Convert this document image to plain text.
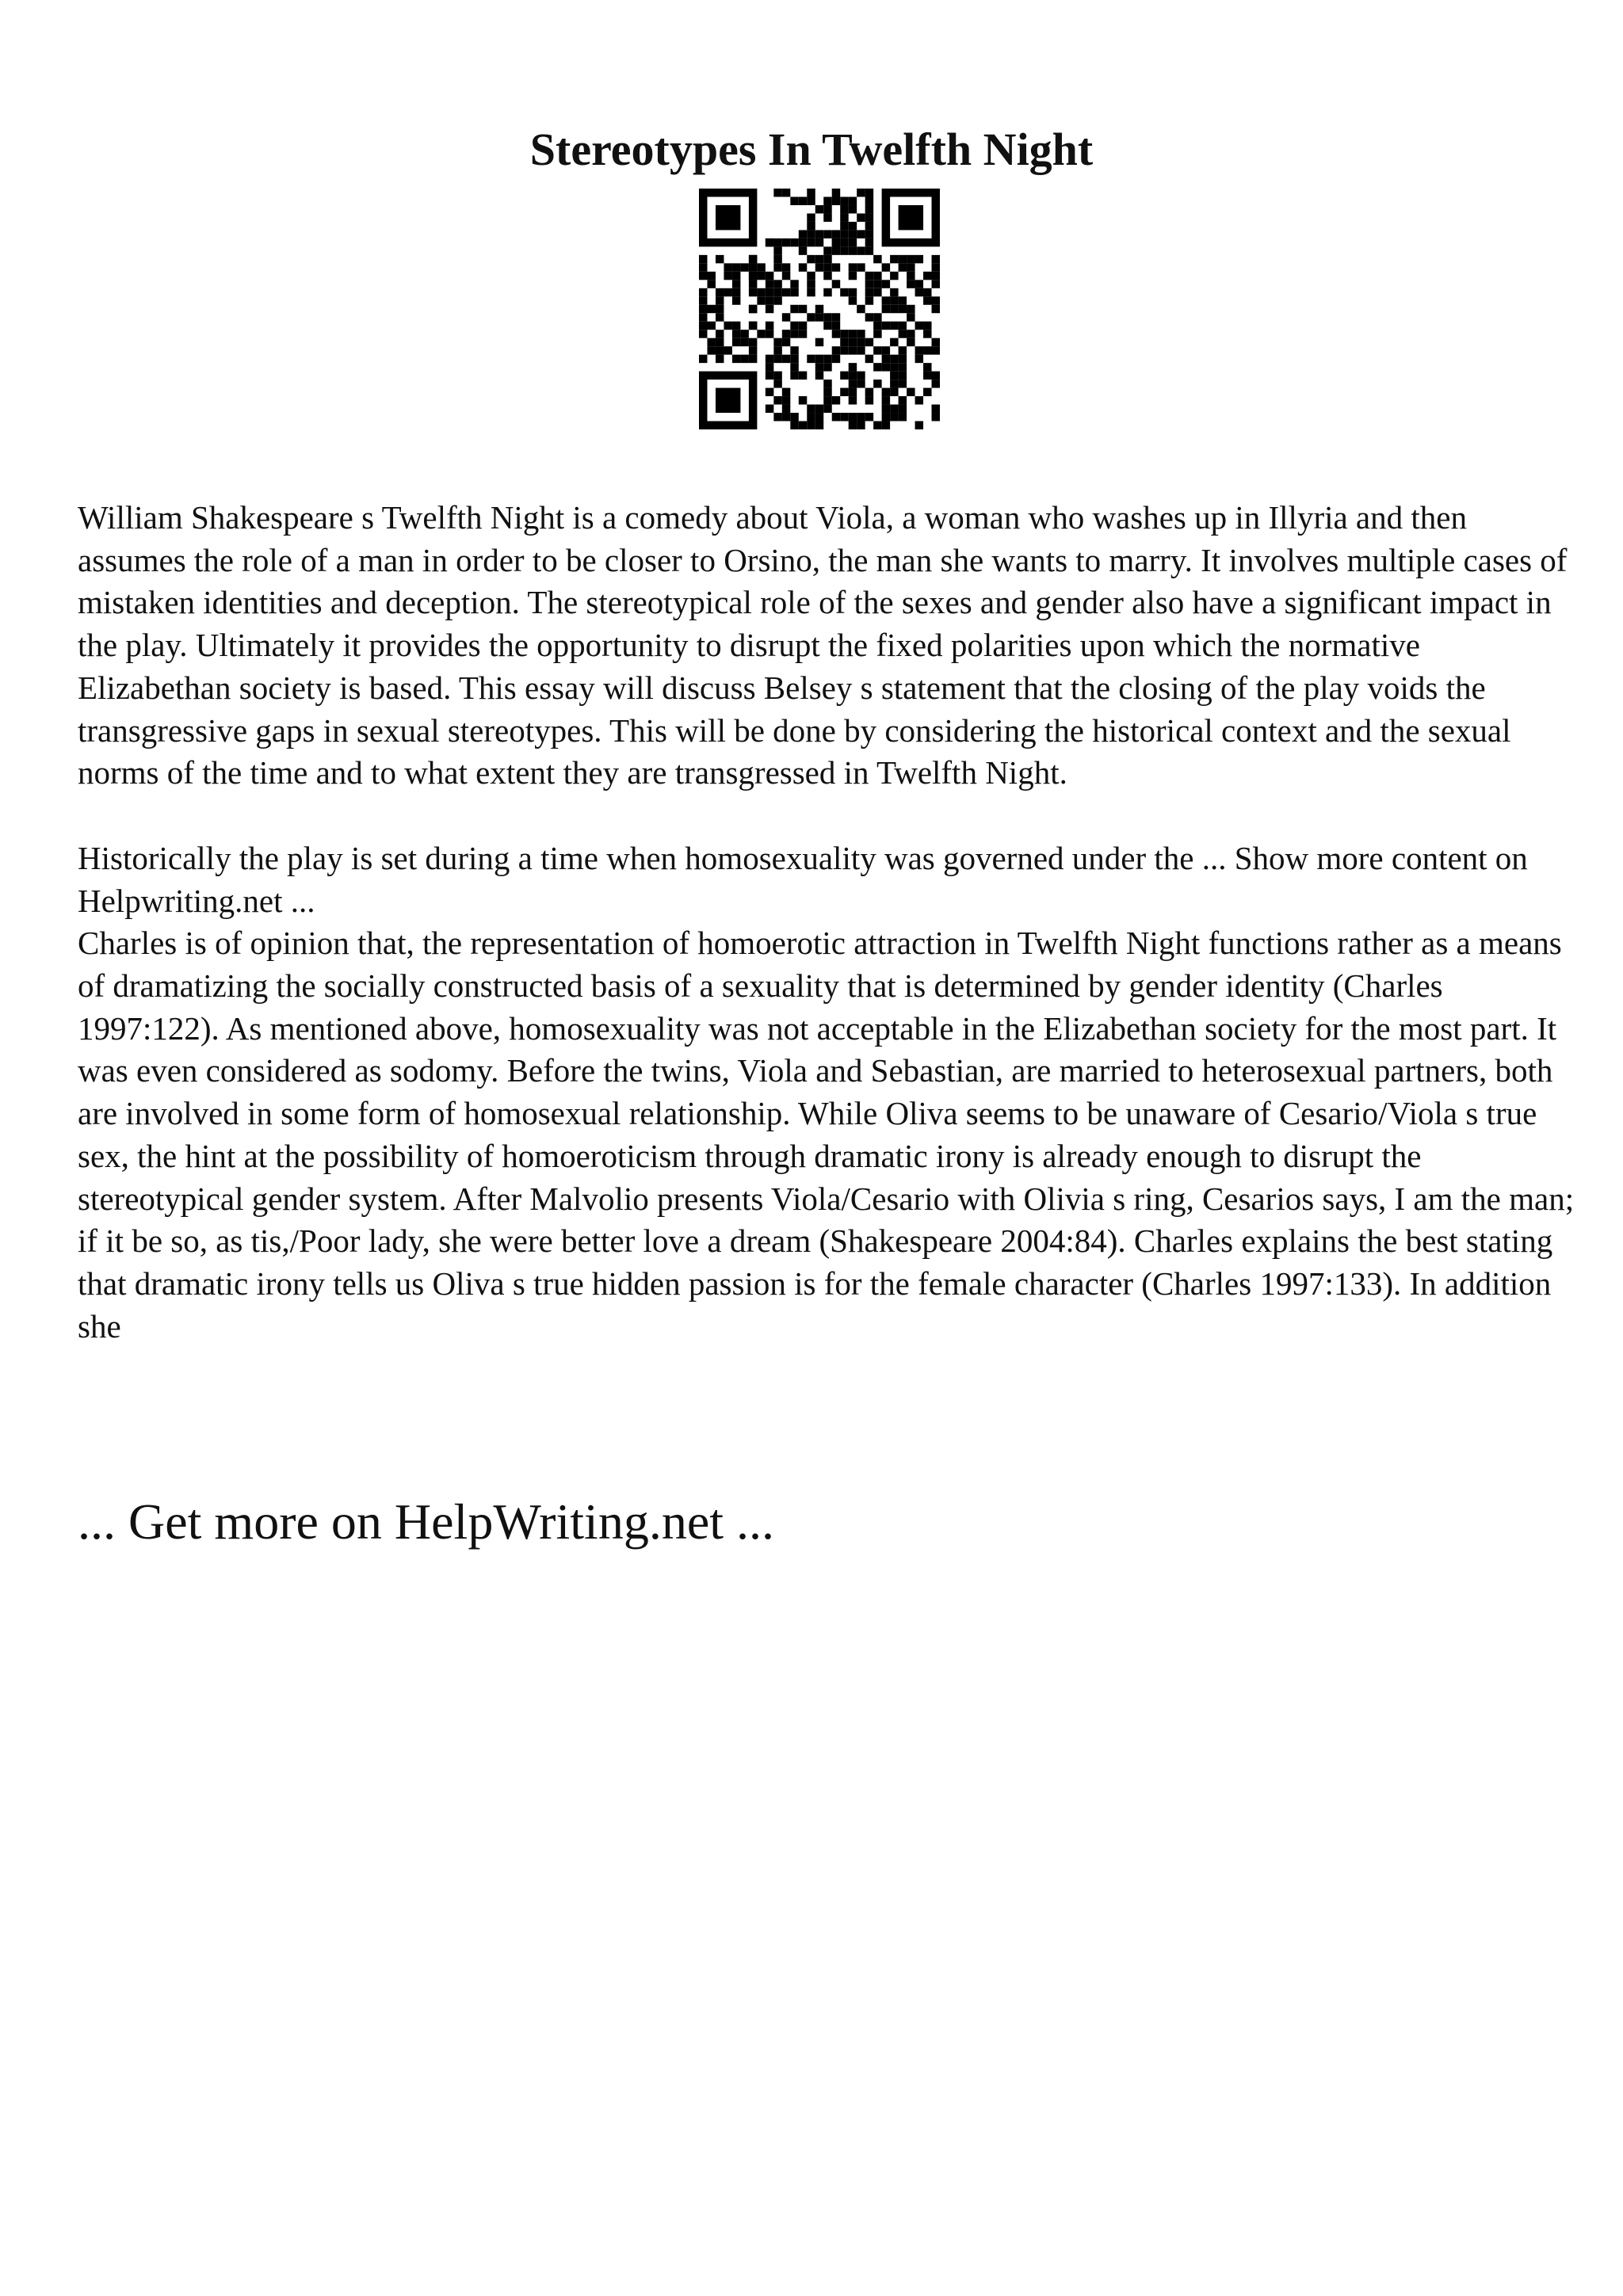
Stereotypes In Twelfth Night

William Shakespeare s Twelfth Night is a comedy about Viola, a woman who washes up in Illyria and then assumes the role of a man in order to be closer to Orsino, the man she wants to marry. It involves multiple cases of mistaken identities and deception. The stereotypical role of the sexes and gender also have a significant impact in the play. Ultimately it provides the opportunity to disrupt the fixed polarities upon which the normative Elizabethan society is based. This essay will discuss Belsey s statement that the closing of the play voids the transgressive gaps in sexual stereotypes. This will be done by considering the historical context and the sexual norms of the time and to what extent they are transgressed in Twelfth Night.

Historically the play is set during a time when homosexuality was governed under the ... Show more content on Helpwriting.net ...

Charles is of opinion that, the representation of homoerotic attraction in Twelfth Night functions rather as a means of dramatizing the socially constructed basis of a sexuality that is determined by gender identity (Charles 1997:122). As mentioned above, homosexuality was not acceptable in the Elizabethan society for the most part. It was even considered as sodomy. Before the twins, Viola and Sebastian, are married to heterosexual partners, both are involved in some form of homosexual relationship. While Oliva seems to be unaware of Cesario/Viola s true sex, the hint at the possibility of homoeroticism through dramatic irony is already enough to disrupt the stereotypical gender system. After Malvolio presents Viola/Cesario with Olivia s ring, Cesarios says, I am the man; if it be so, as tis,/Poor lady, she were better love a dream (Shakespeare 2004:84). Charles explains the best stating that dramatic irony tells us Oliva s true hidden passion is for the female character (Charles 1997:133). In addition she

... Get more on HelpWriting.net ...
